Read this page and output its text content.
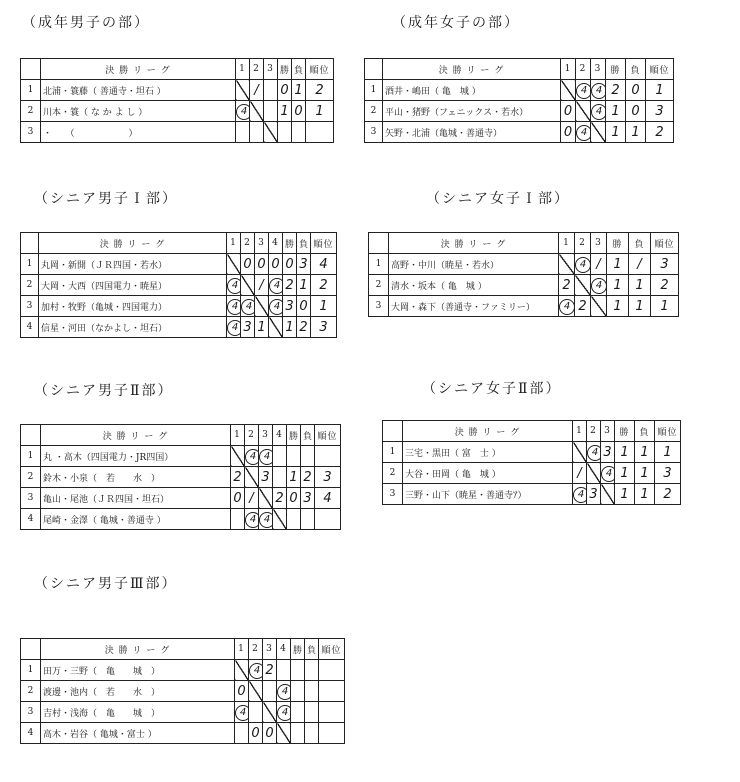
（成年男子の部）	（成年女子の部）
（シニア男子Ｉ部）	（シニア女子Ｉ部）
（シニア男子Ⅱ部）	（シニア女子Ⅱ部）
（シニア男子Ⅲ部）
	決 勝 リ ー グ	1	2	3	勝	負	順位
1	北浦・簑藤（ 善通寺・坦石 ）		/		0	1	2
2	川本・簑（ な か よ し ）	4			1	0	1
3	・　　（　　　　　　）						
	決 勝 リ ー グ	1	2	3	勝	負	順位
1	酒井・嶋田（ 亀　城 ）		4	4	2	0	1
2	平山・猪野（フェニックス・若水）	0		4	1	0	3
3	矢野・北浦（亀城・善通寺）	0	4		1	1	2
	決 勝 リ ー グ	1	2	3	4	勝	負	順位
1	丸岡・新開（ＪＲ四国・若水）		0	0	0	0	3	4
2	大岡・大西（四国電力・暁星）	4		/	4	2	1	2
3	加村・牧野（亀城・四国電力）	4	4		4	3	0	1
4	信星・河田（なかよし・坦石）	4	3	1		1	2	3
	決 勝 リ ー グ	1	2	3	勝	負	順位
1	高野・中川（暁星・若水）		4	/	1	/	3
2	清水・坂本（ 亀　城 ）	2		4	1	1	2
3	大岡・森下（善通寺・ファミリー）	4	2		1	1	1
	決 勝 リ ー グ	1	2	3	4	勝	負	順位
1	丸 ・高木（四国電力・JR四国）		4	4				
2	鈴木・小泉（　若　　水　）	2		3		1	2	3
3	亀山・尾池（ＪＲ四国・坦石）	0	/		2	0	3	4
4	尾崎・金澤（ 亀城・善通寺 ）		4	4				
	決 勝 リ ー グ	1	2	3	勝	負	順位
1	三宅・黒田（ 富　士 ）		4	3	1	1	1
2	大谷・田岡（ 亀　城 ）	/		4	1	1	3
3	三野・山下（暁星・善通寺ｱ）	4	3		1	1	2
	決 勝 リ ー グ	1	2	3	4	勝	負	順位
1	田万・三野（　亀　　城　）		4	2				
2	渡邊・池内（　若　　水　）	0			4			
3	吉村・浅海（　亀　　城　）	4			4			
4	高木・岩谷（ 亀城・富士 ）		0	0				
